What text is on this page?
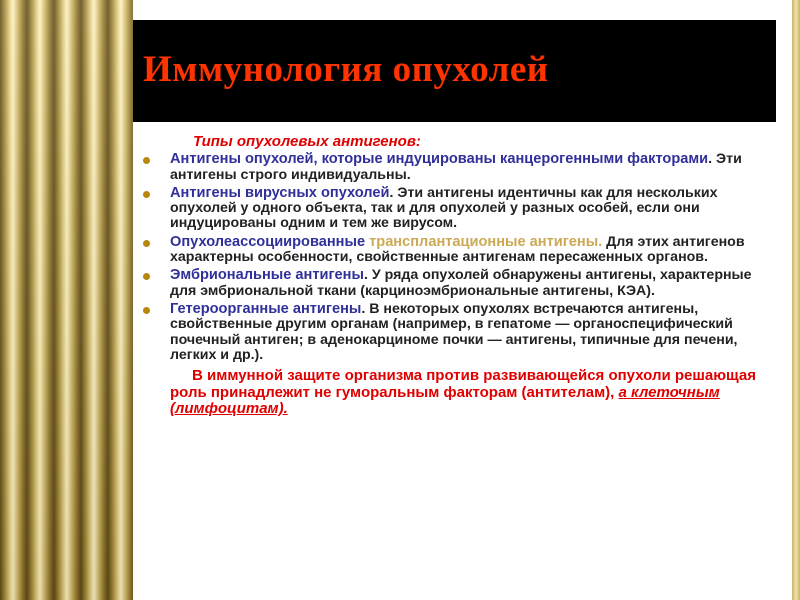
Иммунология опухолей
Типы опухолевых антигенов:
Антигены опухолей, которые индуцированы канцерогенными факторами. Эти антигены строго индивидуальны.
Антигены вирусных опухолей. Эти антигены идентичны как для нескольких опухолей у одного объекта, так и для опухолей у разных особей, если они индуцированы одним и тем же вирусом.
Опухолеассоциированные трансплантационные антигены. Для этих антигенов характерны особенности, свойственные антигенам пересаженных органов.
Эмбриональные антигены. У ряда опухолей обнаружены антигены, характерные для эмбриональной ткани (карциноэмбриональные антигены, КЭА).
Гетероорганные антигены. В некоторых опухолях встречаются антигены, свойственные другим органам (например, в гепатоме — органоспецифический почечный антиген; в аденокарциноме почки — антигены, типичные для печени, легких и др.).
В иммунной защите организма против развивающейся опухоли решающая роль принадлежит не гуморальным факторам (антителам), а клеточным (лимфоцитам).
